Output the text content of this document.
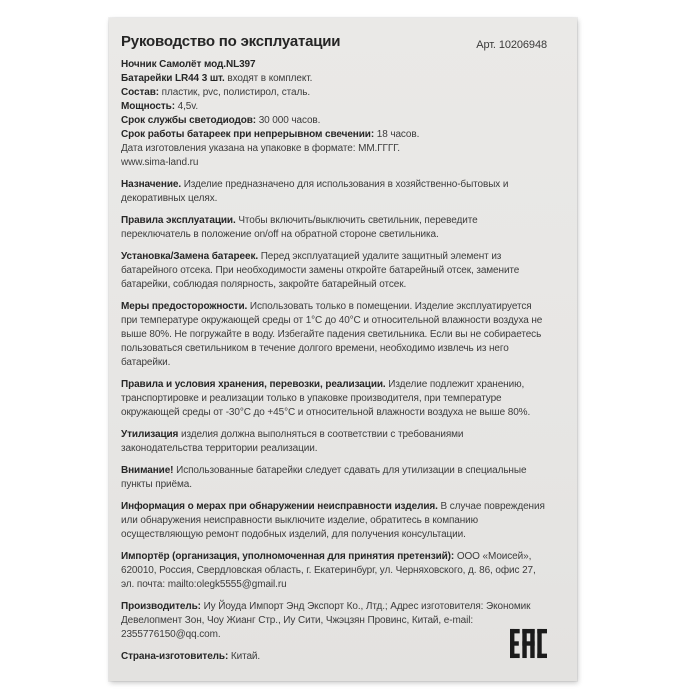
Руководство по эксплуатации	Арт. 10206948

Ночник Самолёт мод.NL397

Батарейки LR44 3 шт. входят в комплект.

Состав: пластик, pvc, полистирол, сталь.

Мощность: 4,5v.

Срок службы светодиодов: 30 000 часов.

Срок работы батареек при непрерывном свечении: 18 часов.

Дата изготовления указана на упаковке в формате: ММ.ГГГГ.

www.sima-land.ru

Назначение. Изделие предназначено для использования в хозяйственно-бытовых и декоративных целях.

Правила эксплуатации. Чтобы включить/выключить светильник, переведите переключатель в положение on/off на обратной стороне светильника.

Установка/Замена батареек. Перед эксплуатацией удалите защитный элемент из батарейного отсека. При необходимости замены откройте батарейный отсек, замените батарейки, соблюдая полярность, закройте батарейный отсек.

Меры предосторожности. Использовать только в помещении. Изделие эксплуатируется при температуре окружающей среды от 1°С до 40°С и относительной влажности воздуха не выше 80%. Не погружайте в воду. Избегайте падения светильника. Если вы не собираетесь пользоваться светильником в течение долгого времени, необходимо извлечь из него батарейки.

Правила и условия хранения, перевозки, реализации. Изделие подлежит хранению, транспортировке и реализации только в упаковке производителя, при температуре окружающей среды от -30°С до +45°С и относительной влажности воздуха не выше 80%.

Утилизация изделия должна выполняться в соответствии с требованиями законодательства территории реализации.

Внимание! Использованные батарейки следует сдавать для утилизации в специальные пункты приёма.

Информация о мерах при обнаружении неисправности изделия. В случае повреждения или обнаружения неисправности выключите изделие, обратитесь в компанию осуществляющую ремонт подобных изделий, для получения консультации.

Импортёр (организация, уполномоченная для принятия претензий): ООО «Моисей», 620010, Россия, Свердловская область, г. Екатеринбург, ул. Черняховского, д. 86, офис 27, эл. почта: mailto:olegk5555@gmail.ru

Производитель: Иу Йоуда Импорт Энд Экспорт Ко., Лтд.; Адрес изготовителя: Экономик Девелопмент Зон, Чоу Жианг Стр., Иу Сити, Чжэцзян Провинс, Китай, e-mail: 2355776150@qq.com.

Страна-изготовитель: Китай.
